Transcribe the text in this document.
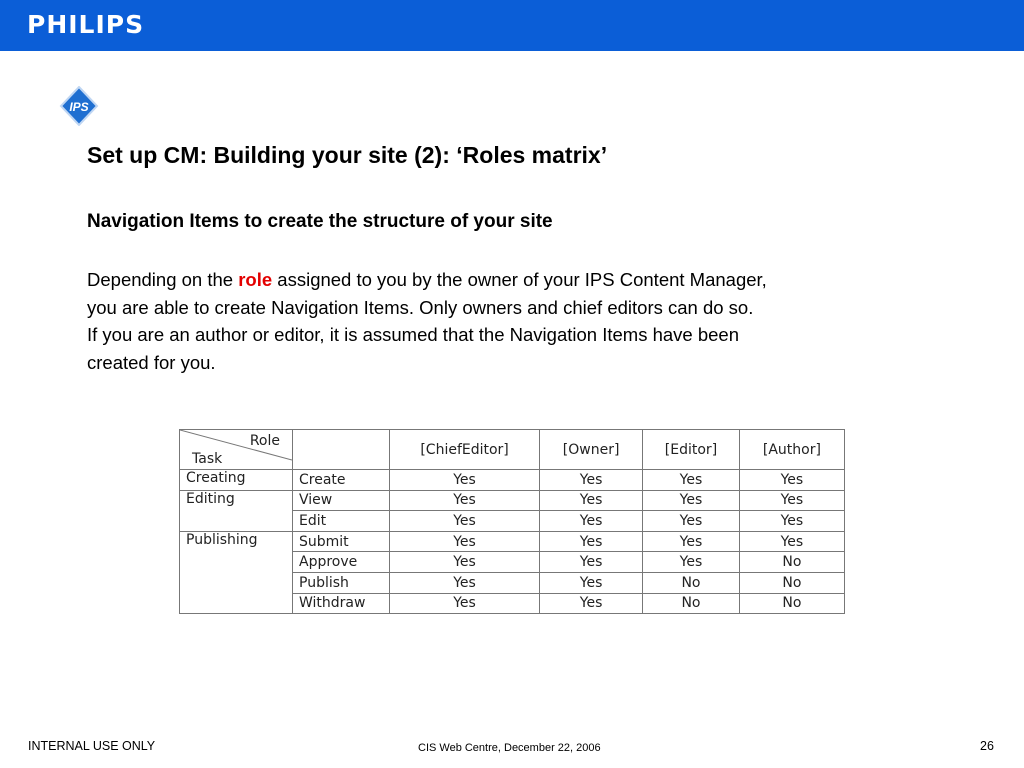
PHILIPS
IPS
Set up CM: Building your site (2): ‘Roles matrix’
Navigation Items to create the structure of your site

Depending on the role assigned to you by the owner of your IPS Content Manager,

you are able to create Navigation Items. Only owners and chief editors can do so.

If you are an author or editor, it is assumed that the Navigation Items have been

created for you.

Role
Task		[ChiefEditor]	[Owner]	[Editor]	[Author]
Creating	Create	Yes	Yes	Yes	Yes
Editing	View	Yes	Yes	Yes	Yes
	Edit	Yes	Yes	Yes	Yes
Publishing	Submit	Yes	Yes	Yes	Yes
	Approve	Yes	Yes	Yes	No
	Publish	Yes	Yes	No	No
	Withdraw	Yes	Yes	No	No
INTERNAL USE ONLY	CIS Web Centre, December 22, 2006	26
